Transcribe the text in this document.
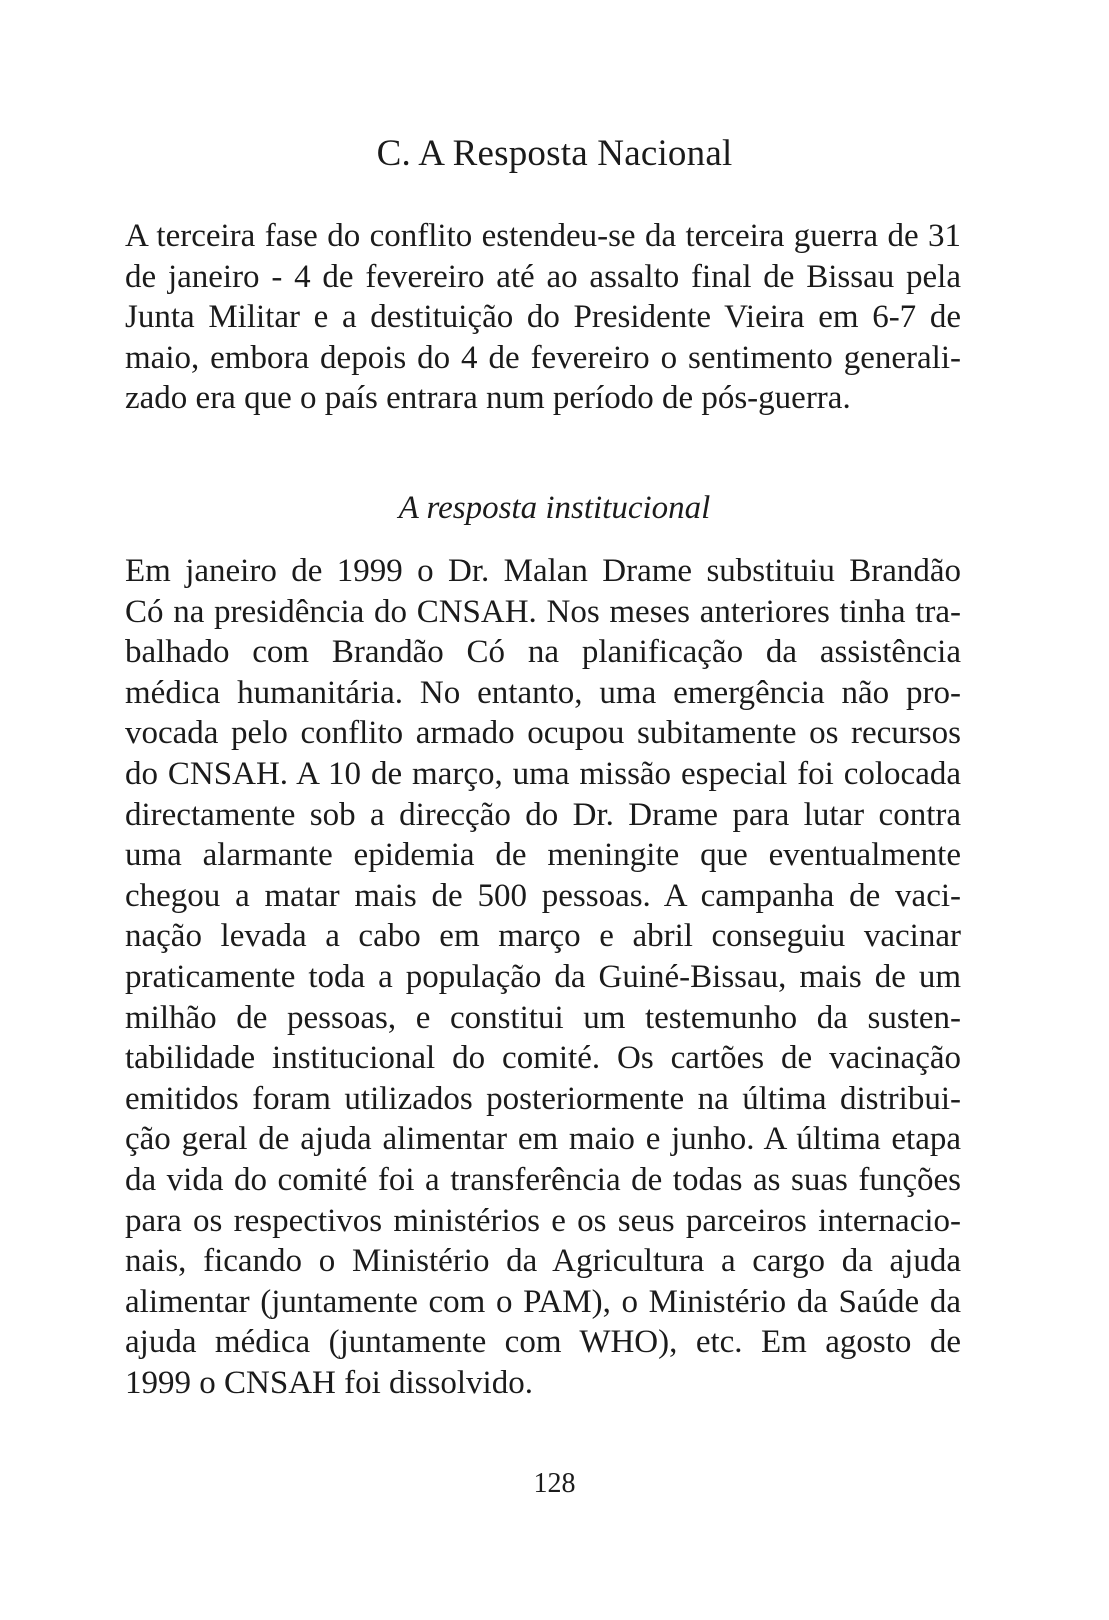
C. A Resposta Nacional
A terceira fase do conflito estendeu-se da terceira guerra de 31
de janeiro - 4 de fevereiro até ao assalto final de Bissau pela
Junta Militar e a destituição do Presidente Vieira em 6-7 de
maio, embora depois do 4 de fevereiro o sentimento generali-
zado era que o país entrara num período de pós-guerra.
A resposta institucional
Em janeiro de 1999 o Dr. Malan Drame substituiu Brandão
Có na presidência do CNSAH. Nos meses anteriores tinha tra-
balhado com Brandão Có na planificação da assistência
médica humanitária. No entanto, uma emergência não pro-
vocada pelo conflito armado ocupou subitamente os recursos
do CNSAH. A 10 de março, uma missão especial foi colocada
directamente sob a direcção do Dr. Drame para lutar contra
uma alarmante epidemia de meningite que eventualmente
chegou a matar mais de 500 pessoas. A campanha de vaci-
nação levada a cabo em março e abril conseguiu vacinar
praticamente toda a população da Guiné-Bissau, mais de um
milhão de pessoas, e constitui um testemunho da susten-
tabilidade institucional do comité. Os cartões de vacinação
emitidos foram utilizados posteriormente na última distribui-
ção geral de ajuda alimentar em maio e junho. A última etapa
da vida do comité foi a transferência de todas as suas funções
para os respectivos ministérios e os seus parceiros internacio-
nais, ficando o Ministério da Agricultura a cargo da ajuda
alimentar (juntamente com o PAM), o Ministério da Saúde da
ajuda médica (juntamente com WHO), etc. Em agosto de
1999 o CNSAH foi dissolvido.
128
